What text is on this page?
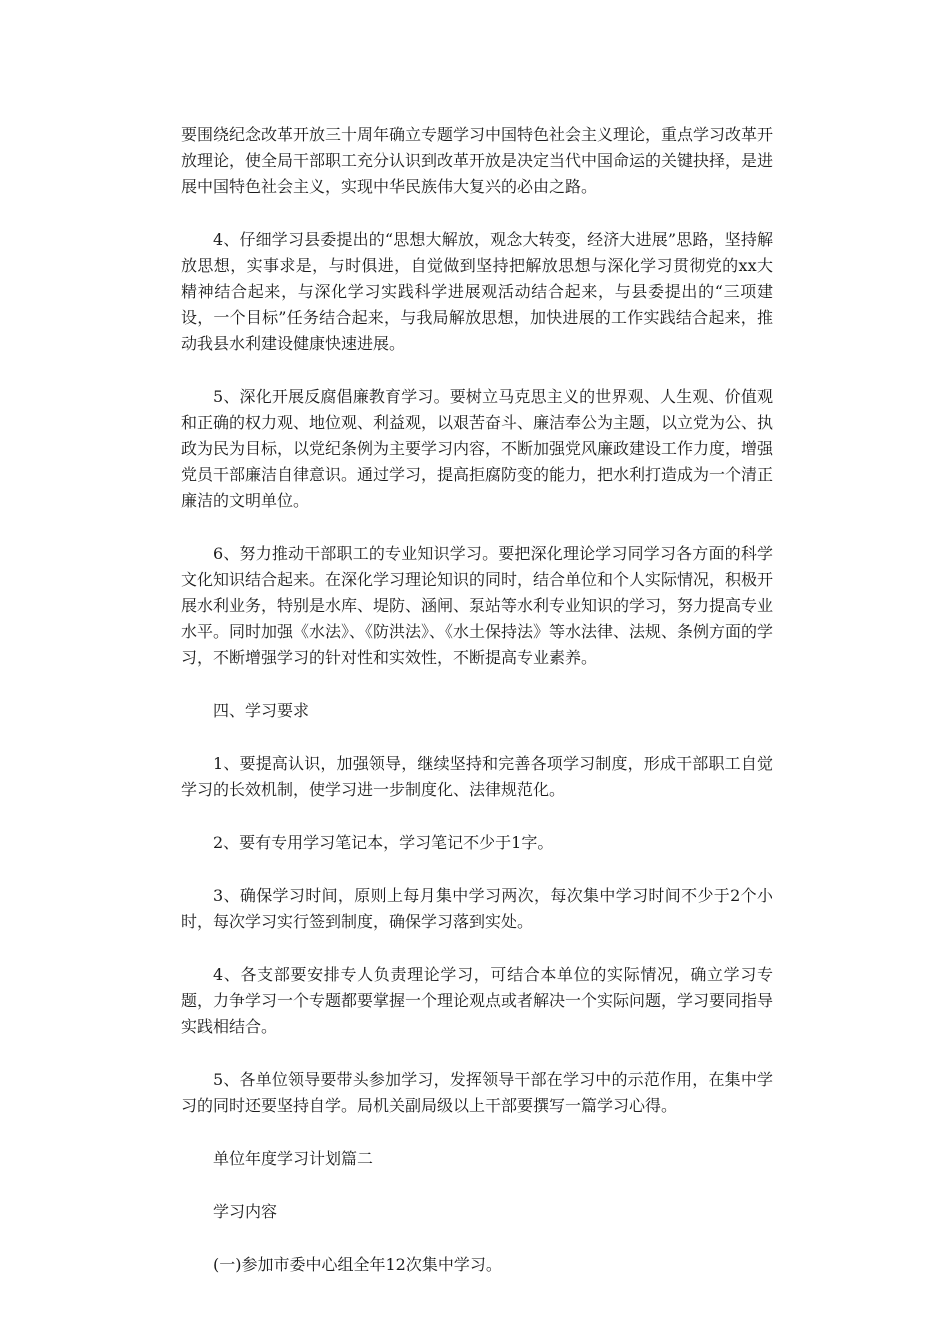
要围绕纪念改革开放三十周年确立专题学习中国特色社会主义理论，重点学习改革开放理论，使全局干部职工充分认识到改革开放是决定当代中国命运的关键抉择，是进展中国特色社会主义，实现中华民族伟大复兴的必由之路。

4、仔细学习县委提出的“思想大解放，观念大转变，经济大进展”思路，坚持解放思想，实事求是，与时俱进，自觉做到坚持把解放思想与深化学习贯彻党的xx大精神结合起来，与深化学习实践科学进展观活动结合起来，与县委提出的“三项建设，一个目标”任务结合起来，与我局解放思想，加快进展的工作实践结合起来，推动我县水利建设健康快速进展。

5、深化开展反腐倡廉教育学习。要树立马克思主义的世界观、人生观、价值观和正确的权力观、地位观、利益观，以艰苦奋斗、廉洁奉公为主题，以立党为公、执政为民为目标，以党纪条例为主要学习内容，不断加强党风廉政建设工作力度，增强党员干部廉洁自律意识。通过学习，提高拒腐防变的能力，把水利打造成为一个清正廉洁的文明单位。

6、努力推动干部职工的专业知识学习。要把深化理论学习同学习各方面的科学文化知识结合起来。在深化学习理论知识的同时，结合单位和个人实际情况，积极开展水利业务，特别是水库、堤防、涵闸、泵站等水利专业知识的学习，努力提高专业水平。同时加强《水法》、《防洪法》、《水土保持法》等水法律、法规、条例方面的学习，不断增强学习的针对性和实效性，不断提高专业素养。

四、学习要求

1、要提高认识，加强领导，继续坚持和完善各项学习制度，形成干部职工自觉学习的长效机制，使学习进一步制度化、法律规范化。

2、要有专用学习笔记本，学习笔记不少于1字。

3、确保学习时间，原则上每月集中学习两次，每次集中学习时间不少于2个小时，每次学习实行签到制度，确保学习落到实处。

4、各支部要安排专人负责理论学习，可结合本单位的实际情况，确立学习专题，力争学习一个专题都要掌握一个理论观点或者解决一个实际问题，学习要同指导实践相结合。

5、各单位领导要带头参加学习，发挥领导干部在学习中的示范作用，在集中学习的同时还要坚持自学。局机关副局级以上干部要撰写一篇学习心得。

单位年度学习计划篇二

学习内容

(一)参加市委中心组全年12次集中学习。
